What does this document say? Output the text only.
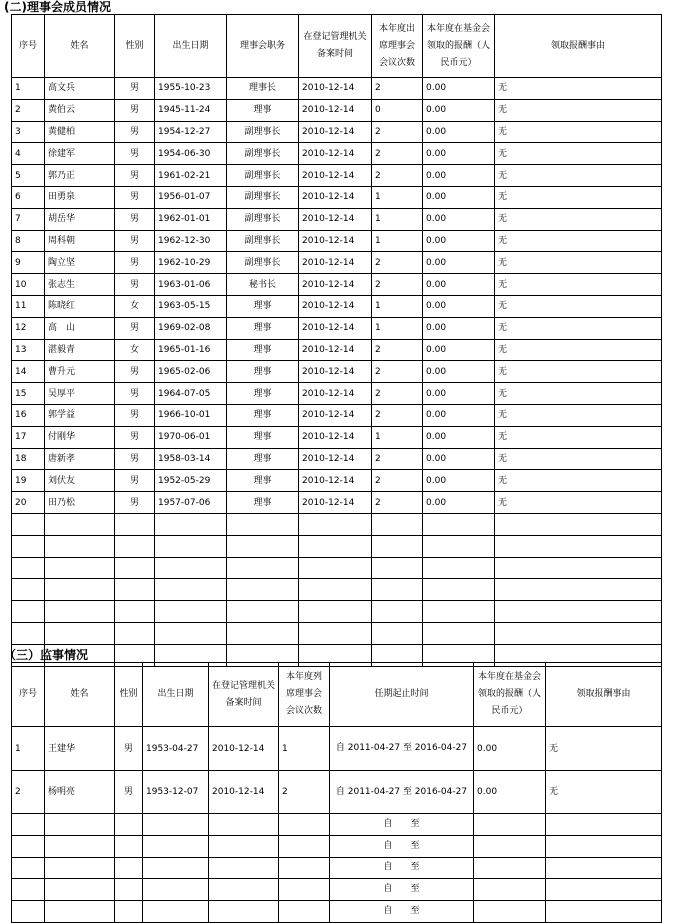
(二)理事会成员情况
序号	姓名	性别	出生日期	理事会职务	在登记管理机关备案时间	本年度出席理事会会议次数	本年度在基金会领取的报酬（人民币元）	领取报酬事由
1	高文兵	男	1955-10-23	理事长	2010-12-14	2	0.00	无
2	黄伯云	男	1945-11-24	理事	2010-12-14	0	0.00	无
3	黄健柏	男	1954-12-27	副理事长	2010-12-14	2	0.00	无
4	徐建军	男	1954-06-30	副理事长	2010-12-14	2	0.00	无
5	郭乃正	男	1961-02-21	副理事长	2010-12-14	2	0.00	无
6	田勇泉	男	1956-01-07	副理事长	2010-12-14	1	0.00	无
7	胡岳华	男	1962-01-01	副理事长	2010-12-14	1	0.00	无
8	周科朝	男	1962-12-30	副理事长	2010-12-14	1	0.00	无
9	陶立坚	男	1962-10-29	副理事长	2010-12-14	2	0.00	无
10	张志生	男	1963-01-06	秘书长	2010-12-14	2	0.00	无
11	陈晓红	女	1963-05-15	理事	2010-12-14	1	0.00	无
12	高　山	男	1969-02-08	理事	2010-12-14	1	0.00	无
13	湛毅青	女	1965-01-16	理事	2010-12-14	2	0.00	无
14	曹升元	男	1965-02-06	理事	2010-12-14	2	0.00	无
15	吴厚平	男	1964-07-05	理事	2010-12-14	2	0.00	无
16	郭学益	男	1966-10-01	理事	2010-12-14	2	0.00	无
17	付刚华	男	1970-06-01	理事	2010-12-14	1	0.00	无
18	唐新孝	男	1958-03-14	理事	2010-12-14	2	0.00	无
19	刘伏友	男	1952-05-29	理事	2010-12-14	2	0.00	无
20	田乃松	男	1957-07-06	理事	2010-12-14	2	0.00	无

（三）监事情况
序号	姓名	性别	出生日期	在登记管理机关备案时间	本年度列席理事会会议次数	任期起止时间	本年度在基金会领取的报酬（人民币元）	领取报酬事由
1	王建华	男	1953-04-27	2010-12-14	1	自 2011-04-27 至 2016-04-27	0.00	无
2	杨明亮	男	1953-12-07	2010-12-14	2	自 2011-04-27 至 2016-04-27	0.00	无
						自　　至		
						自　　至		
						自　　至		
						自　　至		
						自　　至		
